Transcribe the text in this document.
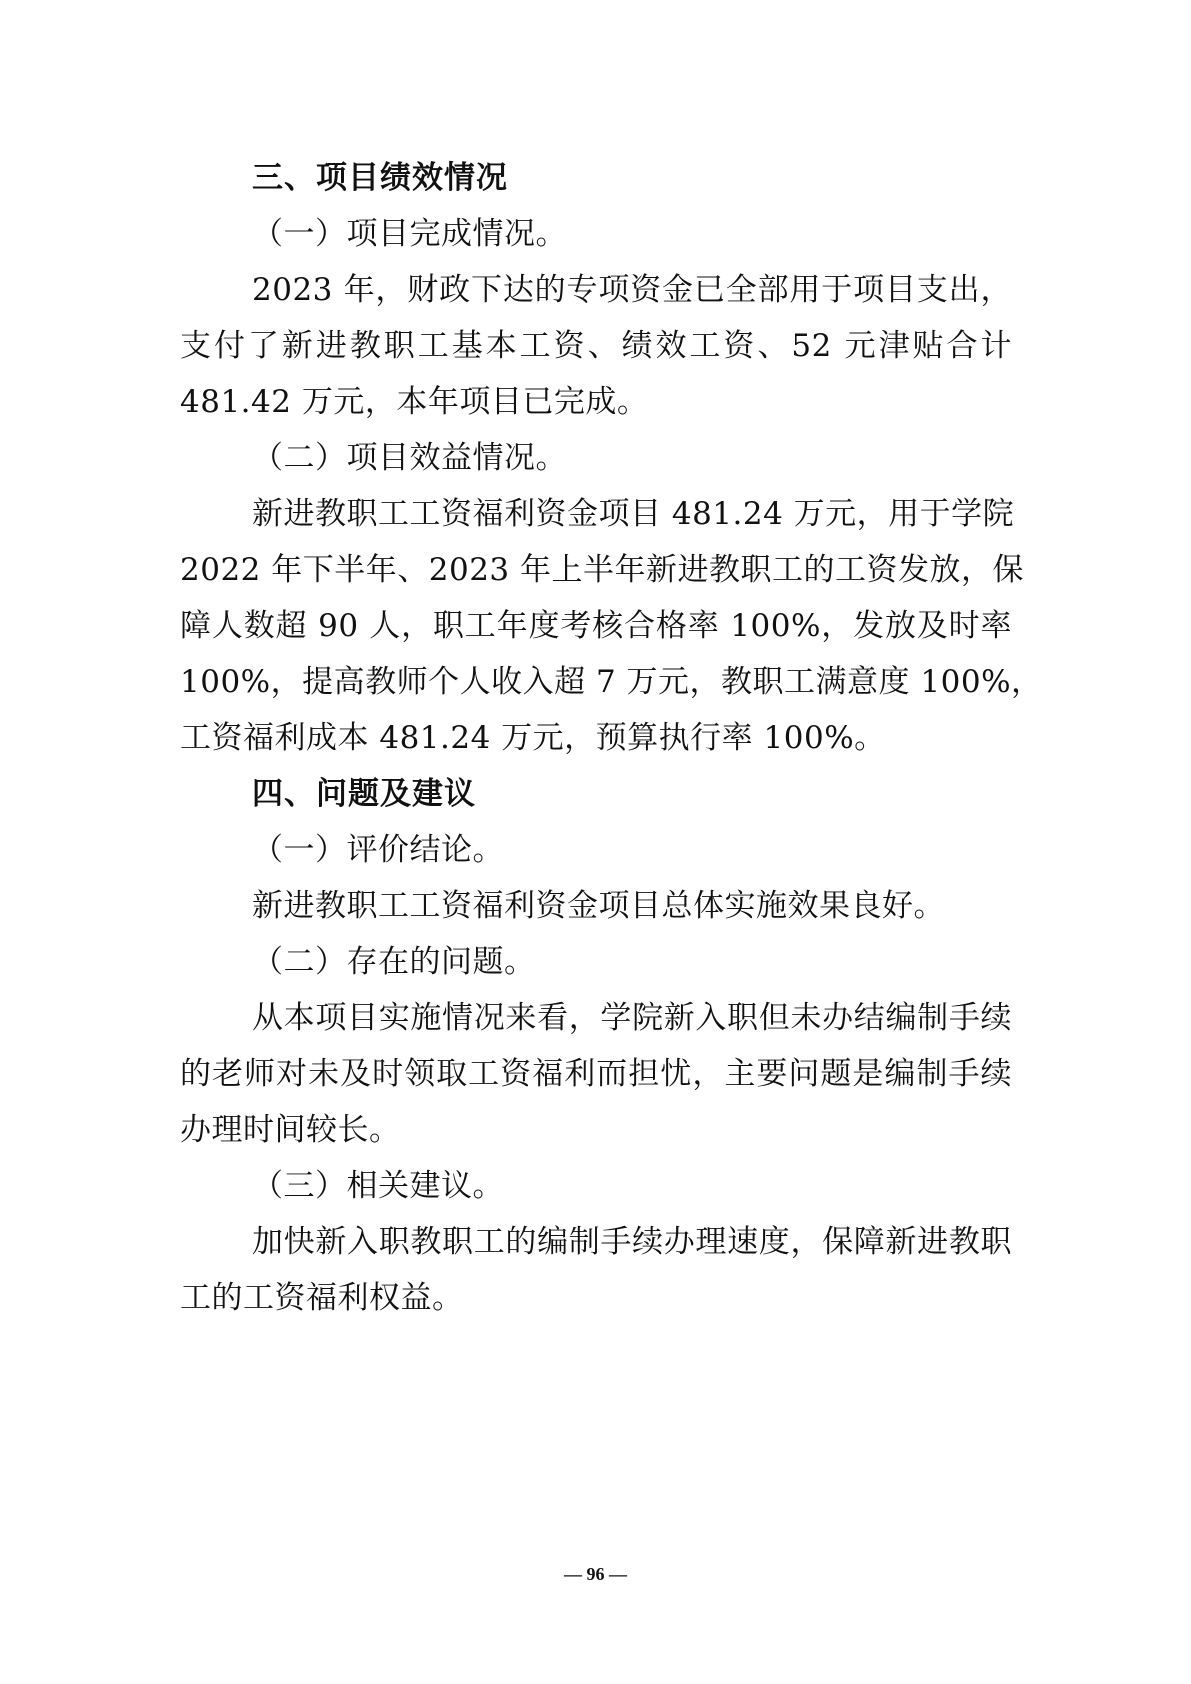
三、项目绩效情况
（一）项目完成情况。
2023 年，财政下达的专项资金已全部用于项目支出，
支付了新进教职工基本工资、绩效工资、52 元津贴合计
481.42 万元，本年项目已完成。
（二）项目效益情况。
新进教职工工资福利资金项目 481.24 万元，用于学院
2022 年下半年、2023 年上半年新进教职工的工资发放，保
障人数超 90 人，职工年度考核合格率 100%，发放及时率
100%，提高教师个人收入超 7 万元，教职工满意度 100%，
工资福利成本 481.24 万元，预算执行率 100%。
四、问题及建议
（一）评价结论。
新进教职工工资福利资金项目总体实施效果良好。
（二）存在的问题。
从本项目实施情况来看，学院新入职但未办结编制手续
的老师对未及时领取工资福利而担忧，主要问题是编制手续
办理时间较长。
（三）相关建议。
加快新入职教职工的编制手续办理速度，保障新进教职
工的工资福利权益。
— 96 —
